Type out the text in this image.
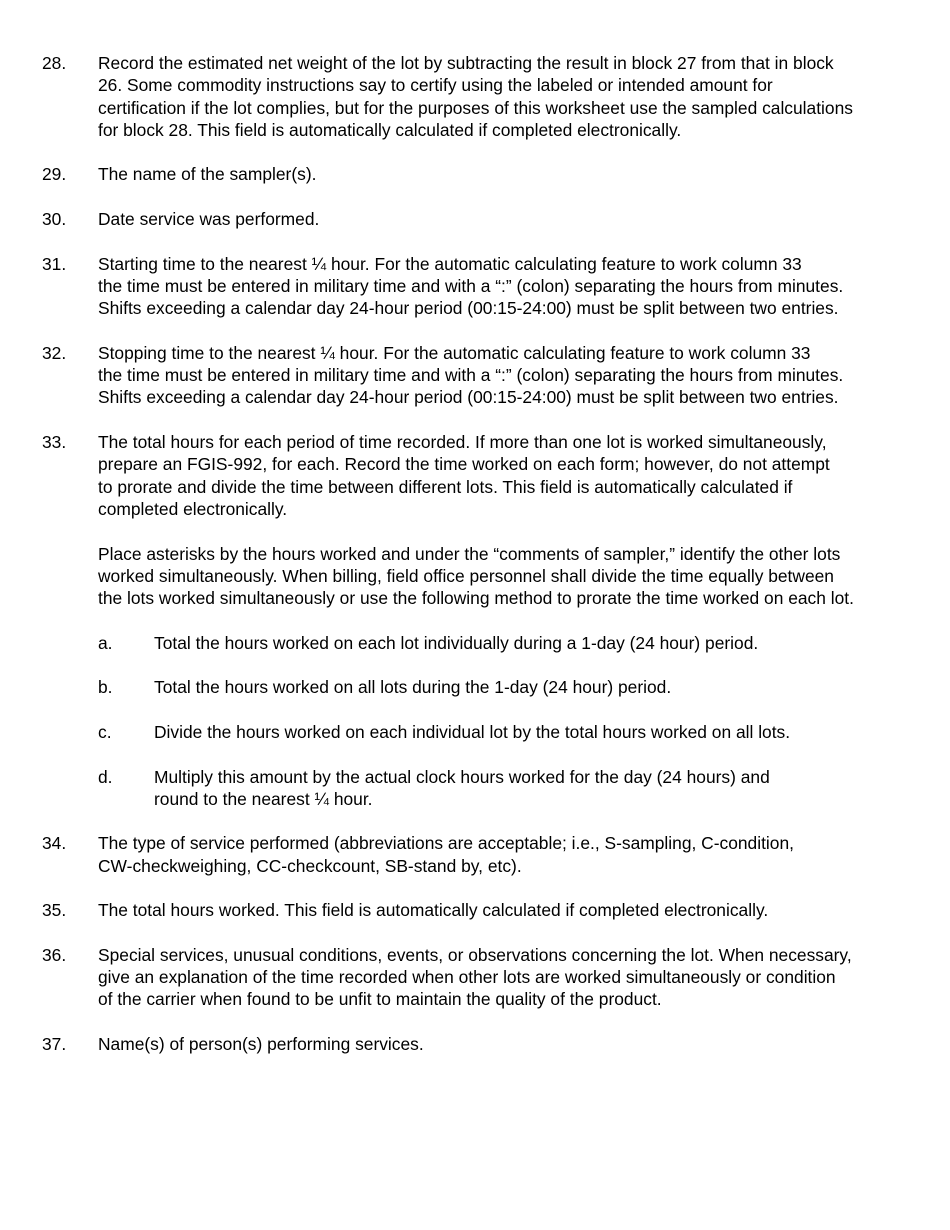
28. Record the estimated net weight of the lot by subtracting the result in block 27 from that in block
26. Some commodity instructions say to certify using the labeled or intended amount for
certification if the lot complies, but for the purposes of this worksheet use the sampled calculations
for block 28. This field is automatically calculated if completed electronically.
29. The name of the sampler(s).
30. Date service was performed.
31. Starting time to the nearest ¼ hour. For the automatic calculating feature to work column 33
the time must be entered in military time and with a “:” (colon) separating the hours from minutes.
Shifts exceeding a calendar day 24-hour period (00:15-24:00) must be split between two entries.
32. Stopping time to the nearest ¼ hour. For the automatic calculating feature to work column 33
the time must be entered in military time and with a “:” (colon) separating the hours from minutes.
Shifts exceeding a calendar day 24-hour period (00:15-24:00) must be split between two entries.
33. The total hours for each period of time recorded. If more than one lot is worked simultaneously,
prepare an FGIS-992, for each. Record the time worked on each form; however, do not attempt
to prorate and divide the time between different lots. This field is automatically calculated if
completed electronically.
Place asterisks by the hours worked and under the “comments of sampler,” identify the other lots
worked simultaneously. When billing, field office personnel shall divide the time equally between
the lots worked simultaneously or use the following method to prorate the time worked on each lot.
a. Total the hours worked on each lot individually during a 1-day (24 hour) period.
b. Total the hours worked on all lots during the 1-day (24 hour) period.
c. Divide the hours worked on each individual lot by the total hours worked on all lots.
d. Multiply this amount by the actual clock hours worked for the day (24 hours) and
round to the nearest ¼ hour.
34. The type of service performed (abbreviations are acceptable; i.e., S-sampling, C-condition,
CW-checkweighing, CC-checkcount, SB-stand by, etc).
35. The total hours worked. This field is automatically calculated if completed electronically.
36. Special services, unusual conditions, events, or observations concerning the lot. When necessary,
give an explanation of the time recorded when other lots are worked simultaneously or condition
of the carrier when found to be unfit to maintain the quality of the product.
37. Name(s) of person(s) performing services.
